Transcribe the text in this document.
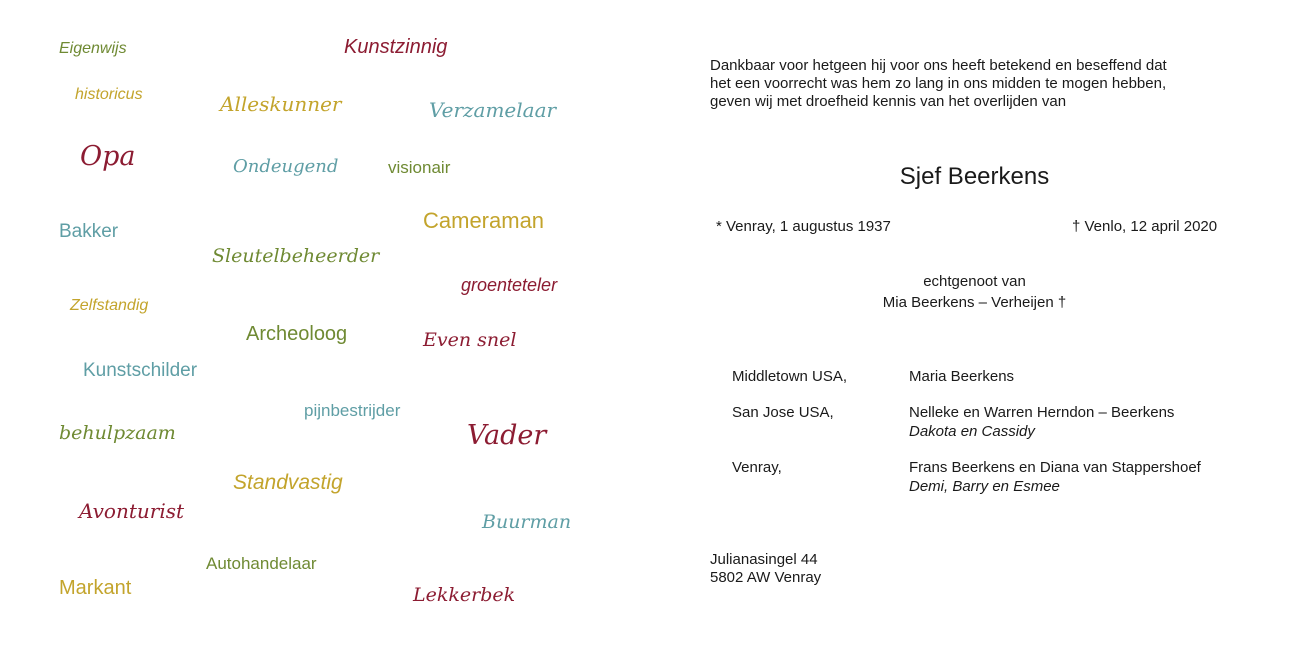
Eigenwijs	Kunstzinnig
historicus	Alleskunner	Verzamelaar
Opa	Ondeugend	visionair
Bakker	Cameraman
Sleutelbeheerder
groenteteler
Zelfstandig
Archeoloog	Even snel
Kunstschilder
pijnbestrijder
behulpzaam	Vader
Standvastig
Avonturist	Buurman
Autohandelaar
Markant	Lekkerbek
Dankbaar voor hetgeen hij voor ons heeft betekend en beseffend dat
het een voorrecht was hem zo lang in ons midden te mogen hebben,
geven wij met droefheid kennis van het overlijden van
Sjef Beerkens
* Venray, 1 augustus 1937	† Venlo, 12 april 2020
echtgenoot van
Mia Beerkens – Verheijen †
Middletown USA,	Maria Beerkens
San Jose USA,	Nelleke en Warren Herndon – Beerkens
Dakota en Cassidy
Venray,	Frans Beerkens en Diana van Stappershoef
Demi, Barry en Esmee
Julianasingel 44
5802 AW Venray
